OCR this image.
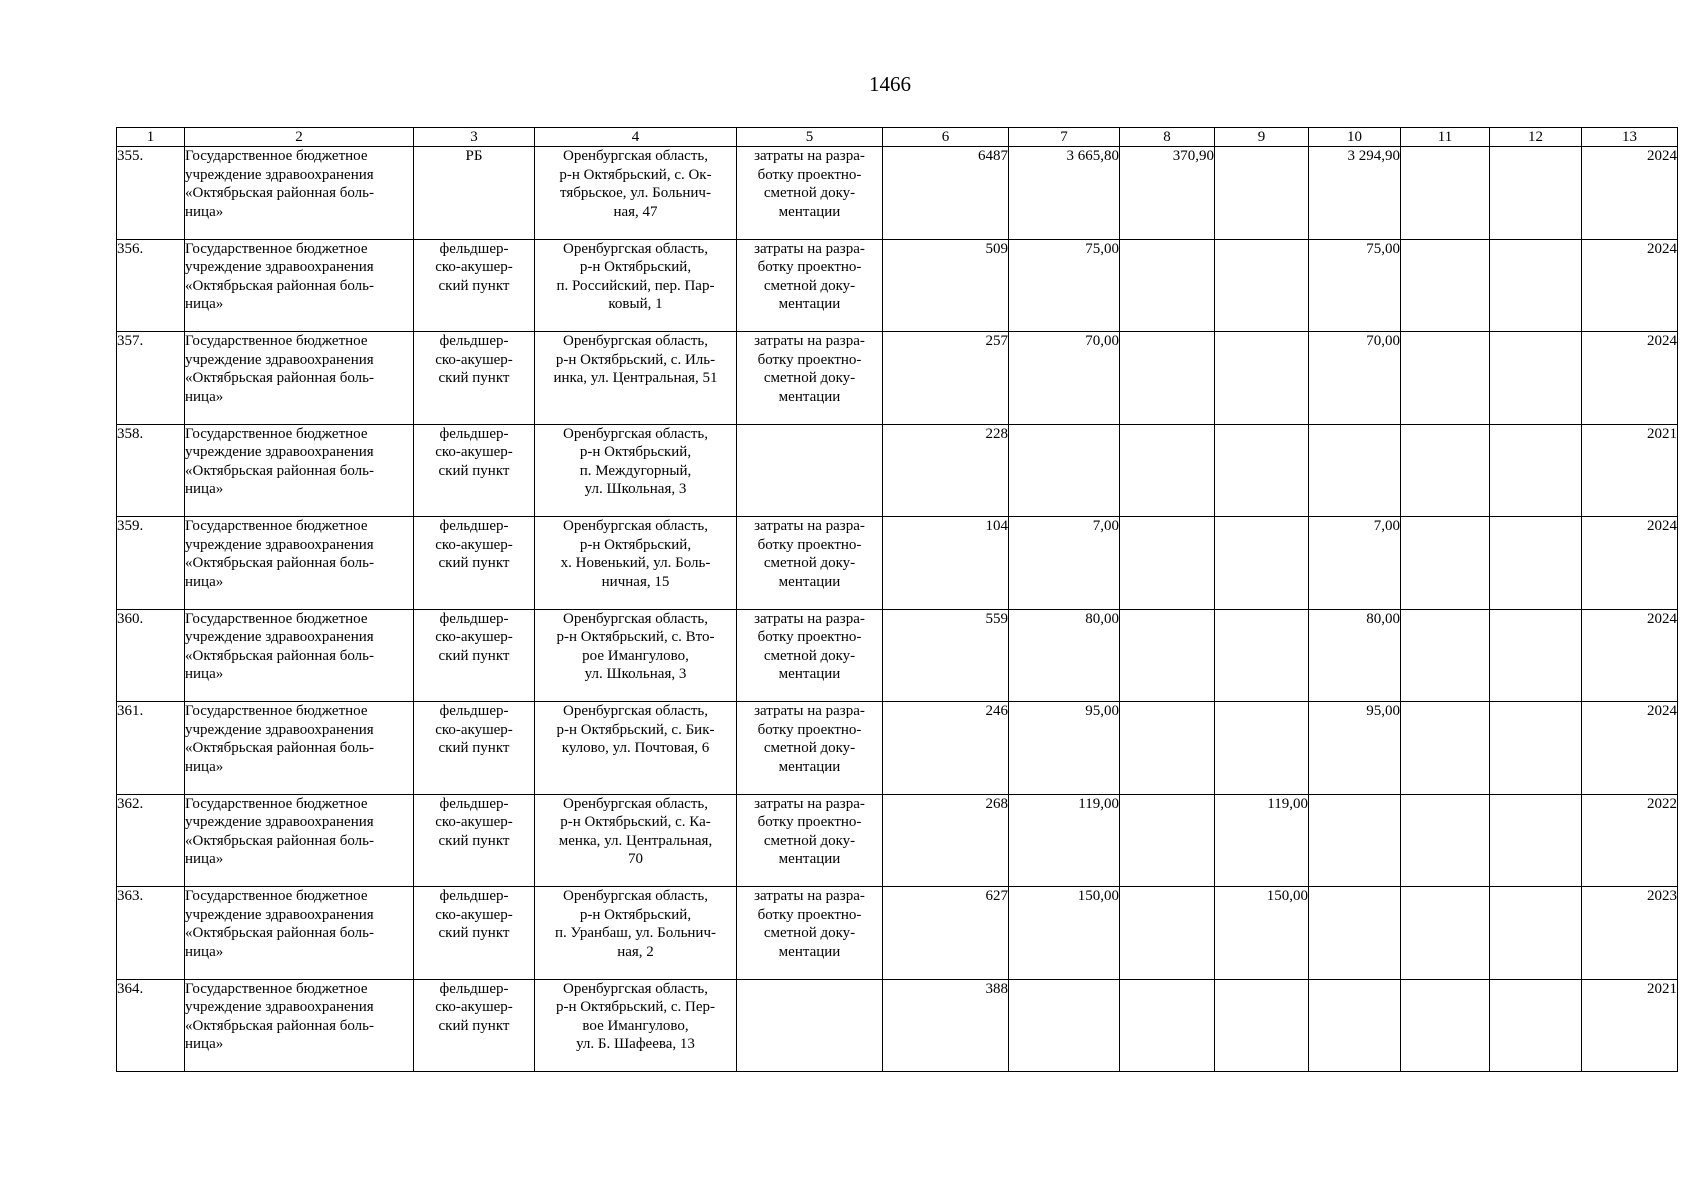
1466
1	2	3	4	5	6	7	8	9	10	11	12	13

355.	Государственное бюджетное
учреждение здравоохранения
«Октябрьская районная боль-
ница»	РБ	Оренбургская область,
р-н Октябрьский, с. Ок-
тябрьское, ул. Больнич-
ная, 47	затраты на разра-
ботку проектно-
сметной доку-
ментации	6487	3 665,80	370,90		3 294,90			2024

356.	Государственное бюджетное
учреждение здравоохранения
«Октябрьская районная боль-
ница»	фельдшер-
ско-акушер-
ский пункт	Оренбургская область,
р-н Октябрьский,
п. Российский, пер. Пар-
ковый, 1	затраты на разра-
ботку проектно-
сметной доку-
ментации	509	75,00			75,00			2024

357.	Государственное бюджетное
учреждение здравоохранения
«Октябрьская районная боль-
ница»	фельдшер-
ско-акушер-
ский пункт	Оренбургская область,
р-н Октябрьский, с. Иль-
инка, ул. Центральная, 51	затраты на разра-
ботку проектно-
сметной доку-
ментации	257	70,00			70,00			2024

358.	Государственное бюджетное
учреждение здравоохранения
«Октябрьская районная боль-
ница»	фельдшер-
ско-акушер-
ский пункт	Оренбургская область,
р-н Октябрьский,
п. Междугорный,
ул. Школьная, 3		228							2021

359.	Государственное бюджетное
учреждение здравоохранения
«Октябрьская районная боль-
ница»	фельдшер-
ско-акушер-
ский пункт	Оренбургская область,
р-н Октябрьский,
х. Новенький, ул. Боль-
ничная, 15	затраты на разра-
ботку проектно-
сметной доку-
ментации	104	7,00			7,00			2024

360.	Государственное бюджетное
учреждение здравоохранения
«Октябрьская районная боль-
ница»	фельдшер-
ско-акушер-
ский пункт	Оренбургская область,
р-н Октябрьский, с. Вто-
рое Имангулово,
ул. Школьная, 3	затраты на разра-
ботку проектно-
сметной доку-
ментации	559	80,00			80,00			2024

361.	Государственное бюджетное
учреждение здравоохранения
«Октябрьская районная боль-
ница»	фельдшер-
ско-акушер-
ский пункт	Оренбургская область,
р-н Октябрьский, с. Бик-
кулово, ул. Почтовая, 6	затраты на разра-
ботку проектно-
сметной доку-
ментации	246	95,00			95,00			2024

362.	Государственное бюджетное
учреждение здравоохранения
«Октябрьская районная боль-
ница»	фельдшер-
ско-акушер-
ский пункт	Оренбургская область,
р-н Октябрьский, с. Ка-
менка, ул. Центральная,
70	затраты на разра-
ботку проектно-
сметной доку-
ментации	268	119,00		119,00				2022

363.	Государственное бюджетное
учреждение здравоохранения
«Октябрьская районная боль-
ница»	фельдшер-
ско-акушер-
ский пункт	Оренбургская область,
р-н Октябрьский,
п. Уранбаш, ул. Больнич-
ная, 2	затраты на разра-
ботку проектно-
сметной доку-
ментации	627	150,00		150,00				2023

364.	Государственное бюджетное
учреждение здравоохранения
«Октябрьская районная боль-
ница»	фельдшер-
ско-акушер-
ский пункт	Оренбургская область,
р-н Октябрьский, с. Пер-
вое Имангулово,
ул. Б. Шафеева, 13		388							2021
